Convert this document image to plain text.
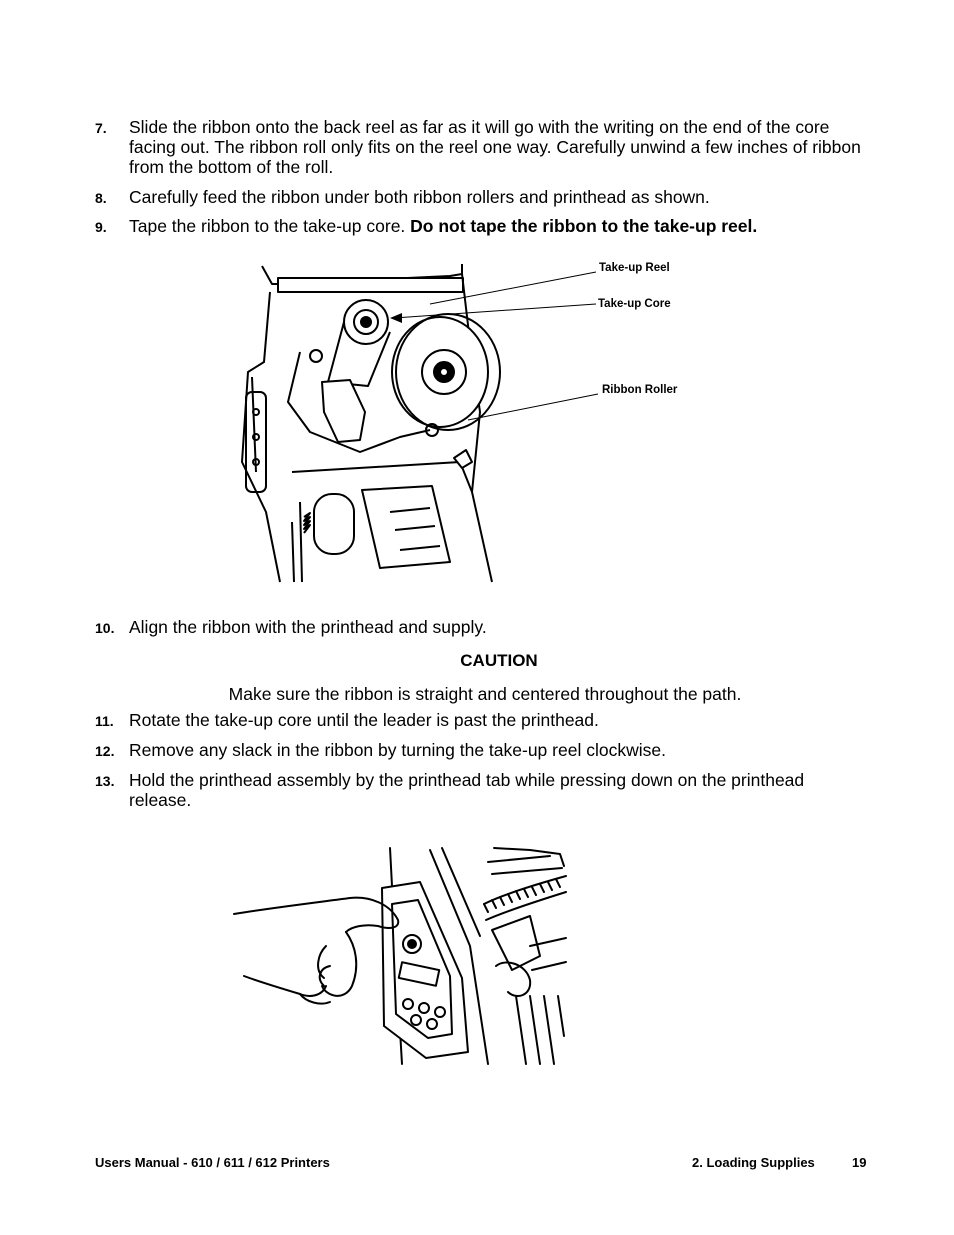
7. Slide the ribbon onto the back reel as far as it will go with the writing on the end of the core facing out. The ribbon roll only fits on the reel one way. Carefully unwind a few inches of ribbon from the bottom of the roll.
8. Carefully feed the ribbon under both ribbon rollers and printhead as shown.
9. Tape the ribbon to the take-up core. Do not tape the ribbon to the take-up reel.
Take-up Reel
Take-up Core
Ribbon Roller
10. Align the ribbon with the printhead and supply.
CAUTION
Make sure the ribbon is straight and centered throughout the path.
11. Rotate the take-up core until the leader is past the printhead.
12. Remove any slack in the ribbon by turning the take-up reel clockwise.
13. Hold the printhead assembly by the printhead tab while pressing down on the printhead release.
Users Manual - 610 / 611 / 612 Printers	2. Loading Supplies	19
